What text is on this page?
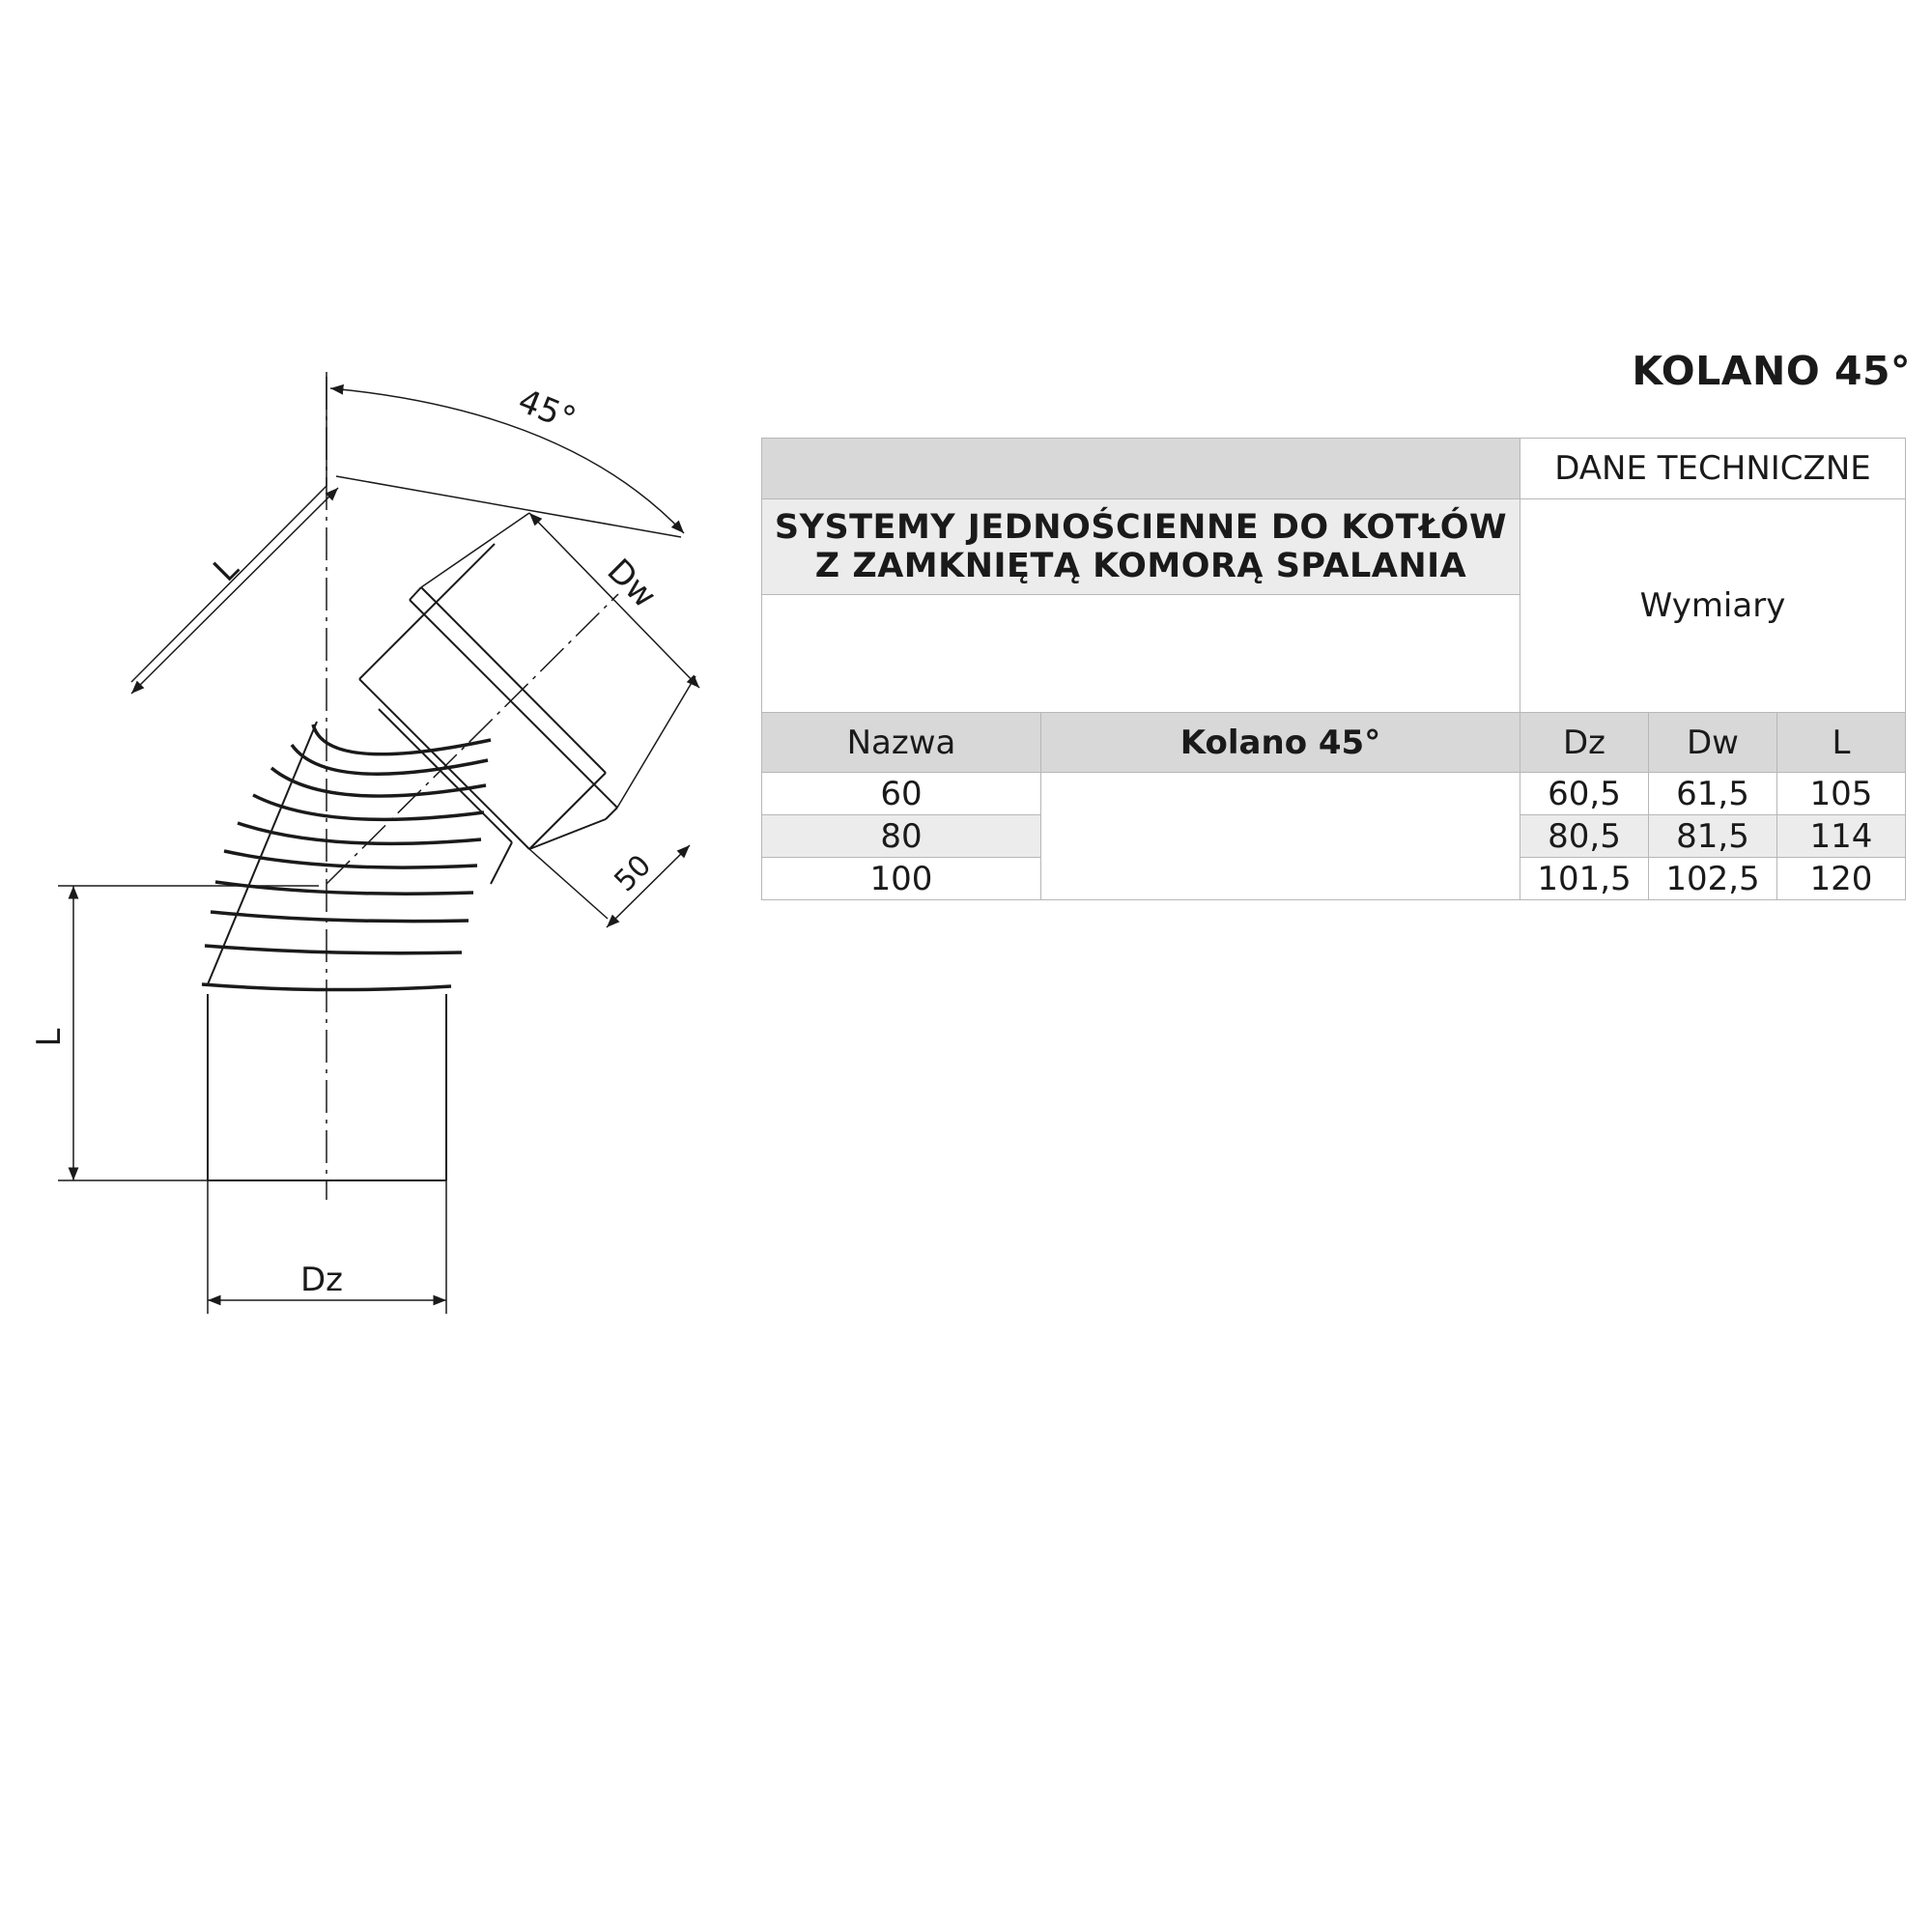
45°
L	Dw
50
L
Dz
KOLANO 45°
		DANE TECHNICZNE		

SYSTEMY JEDNOŚCIENNE DO KOTŁÓW
Z ZAMKNIĘTĄ KOMORĄ SPALANIA		Wymiary		

Nazwa	Kolano 45°	Dz	Dw	L
60		60,5	61,5	105
80		80,5	81,5	114
100		101,5	102,5	120
